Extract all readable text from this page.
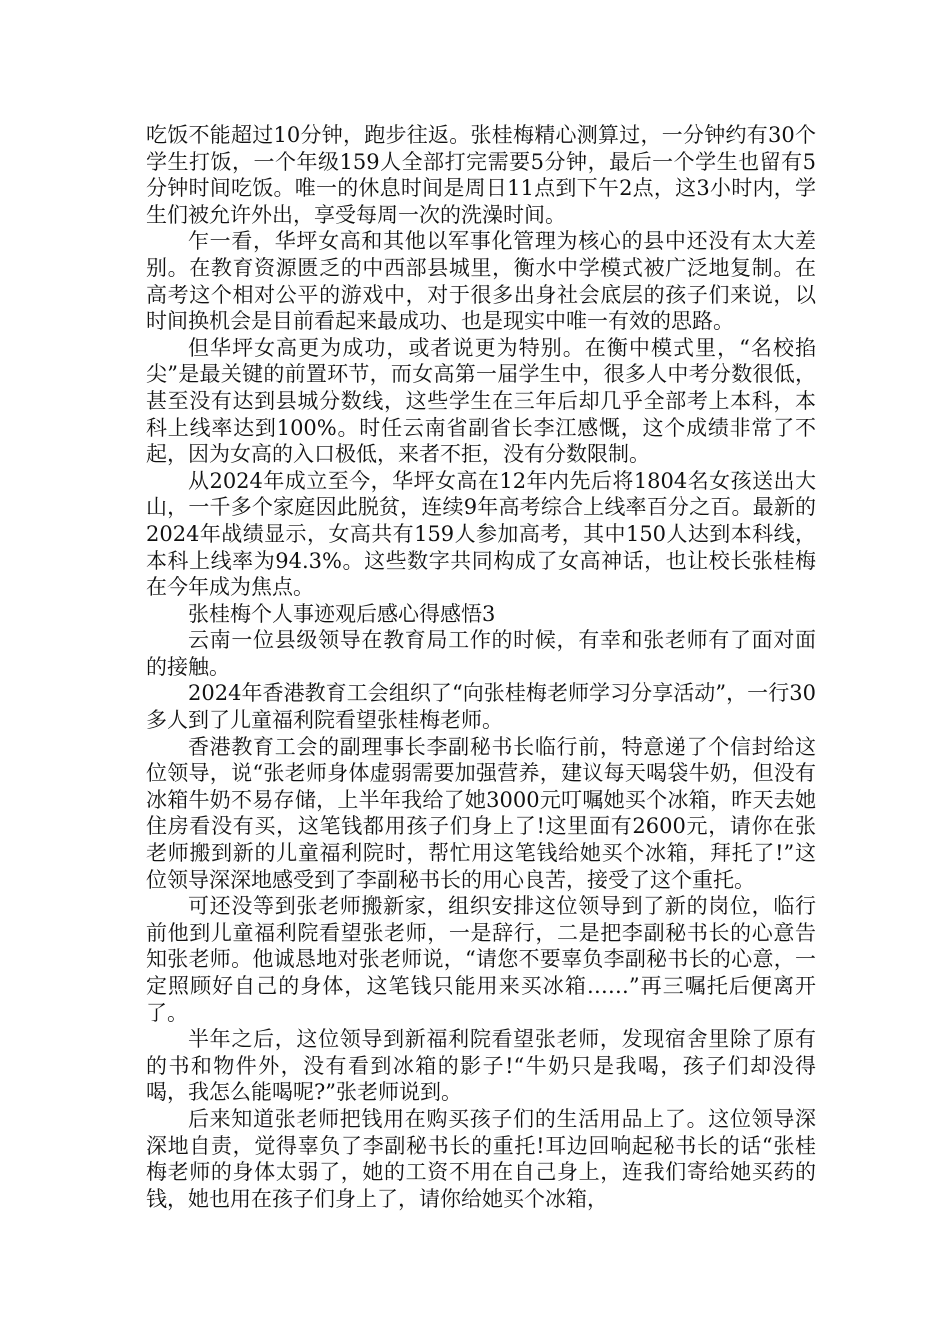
吃饭不能超过10分钟，跑步往返。张桂梅精心测算过，一分钟约有30个学生打饭，一个年级159人全部打完需要5分钟，最后一个学生也留有5分钟时间吃饭。唯一的休息时间是周日11点到下午2点，这3小时内，学生们被允许外出，享受每周一次的洗澡时间。

乍一看，华坪女高和其他以军事化管理为核心的县中还没有太大差别。在教育资源匮乏的中西部县城里，衡水中学模式被广泛地复制。在高考这个相对公平的游戏中，对于很多出身社会底层的孩子们来说，以时间换机会是目前看起来最成功、也是现实中唯一有效的思路。

但华坪女高更为成功，或者说更为特别。在衡中模式里，“名校掐尖”是最关键的前置环节，而女高第一届学生中，很多人中考分数很低，甚至没有达到县城分数线，这些学生在三年后却几乎全部考上本科，本科上线率达到100%。时任云南省副省长李江感慨，这个成绩非常了不起，因为女高的入口极低，来者不拒，没有分数限制。

从2024年成立至今，华坪女高在12年内先后将1804名女孩送出大山，一千多个家庭因此脱贫，连续9年高考综合上线率百分之百。最新的2024年战绩显示，女高共有159人参加高考，其中150人达到本科线，本科上线率为94.3%。这些数字共同构成了女高神话，也让校长张桂梅在今年成为焦点。

张桂梅个人事迹观后感心得感悟3

云南一位县级领导在教育局工作的时候，有幸和张老师有了面对面的接触。

2024年香港教育工会组织了“向张桂梅老师学习分享活动”，一行30多人到了儿童福利院看望张桂梅老师。

香港教育工会的副理事长李副秘书长临行前，特意递了个信封给这位领导，说“张老师身体虚弱需要加强营养，建议每天喝袋牛奶，但没有冰箱牛奶不易存储，上半年我给了她3000元叮嘱她买个冰箱，昨天去她住房看没有买，这笔钱都用孩子们身上了!这里面有2600元，请你在张老师搬到新的儿童福利院时，帮忙用这笔钱给她买个冰箱，拜托了!”这位领导深深地感受到了李副秘书长的用心良苦，接受了这个重托。

可还没等到张老师搬新家，组织安排这位领导到了新的岗位，临行前他到儿童福利院看望张老师，一是辞行，二是把李副秘书长的心意告知张老师。他诚恳地对张老师说，“请您不要辜负李副秘书长的心意，一定照顾好自己的身体，这笔钱只能用来买冰箱……”再三嘱托后便离开了。

半年之后，这位领导到新福利院看望张老师，发现宿舍里除了原有的书和物件外，没有看到冰箱的影子!“牛奶只是我喝，孩子们却没得喝，我怎么能喝呢?”张老师说到。

后来知道张老师把钱用在购买孩子们的生活用品上了。这位领导深深地自责，觉得辜负了李副秘书长的重托!耳边回响起秘书长的话“张桂梅老师的身体太弱了，她的工资不用在自己身上，连我们寄给她买药的钱，她也用在孩子们身上了，请你给她买个冰箱，
